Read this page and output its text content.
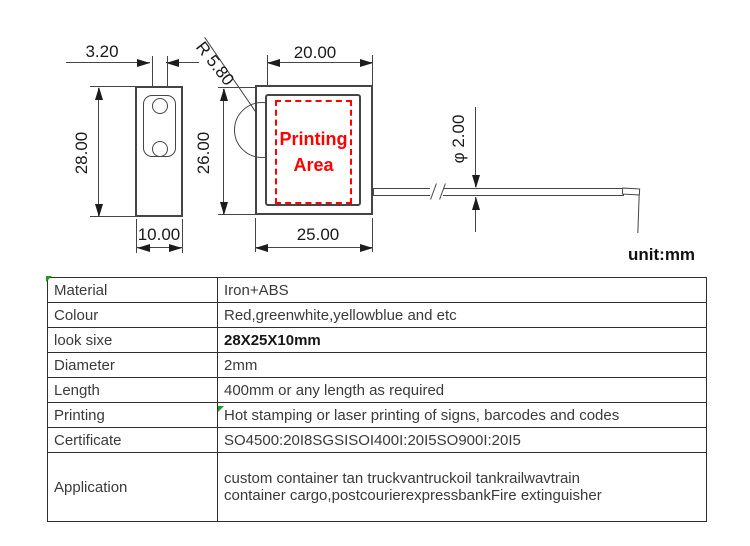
3.20
28.00
10.00
20.00
R 5.80
Printing
Area
26.00
25.00
φ 2.00
unit:mm
Material	Iron+ABS
Colour	Red,greenwhite,yellowblue and etc
look sixe	28X25X10mm
Diameter	2mm
Length	400mm or any length as required
Printing	Hot stamping or laser printing of signs, barcodes and codes
Certificate	SO4500:20I8SGSISOI400I:20I5SO900I:20I5
Application	custom container tan truckvantruckoil tankrailwavtrain
container cargo,postcourierexpressbankFire extinguisher
